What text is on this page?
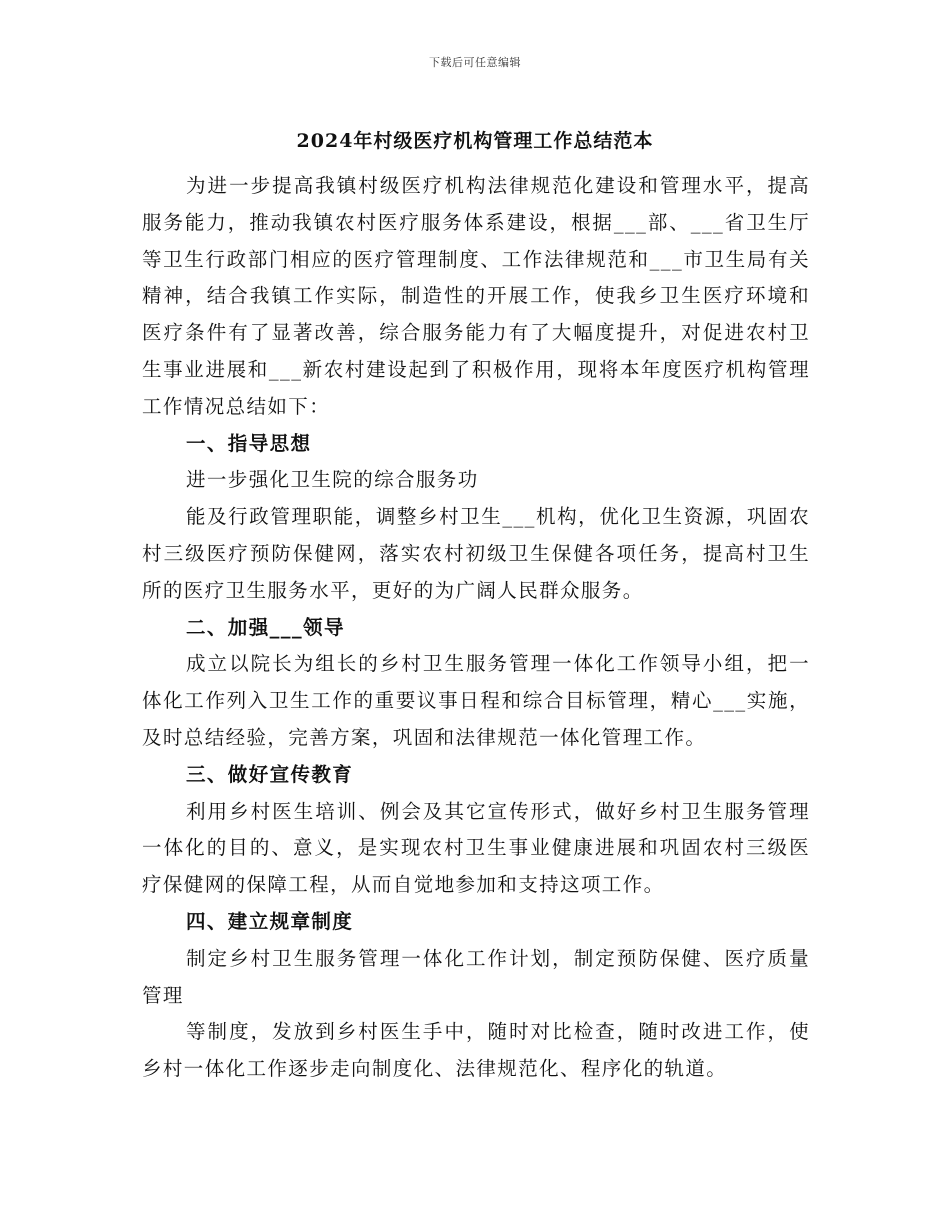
下载后可任意编辑
2024年村级医疗机构管理工作总结范本

为进一步提高我镇村级医疗机构法律规范化建设和管理水平，提高服务能力，推动我镇农村医疗服务体系建设，根据___部、___省卫生厅等卫生行政部门相应的医疗管理制度、工作法律规范和___市卫生局有关精神，结合我镇工作实际，制造性的开展工作，使我乡卫生医疗环境和医疗条件有了显著改善，综合服务能力有了大幅度提升，对促进农村卫生事业进展和___新农村建设起到了积极作用，现将本年度医疗机构管理工作情况总结如下：

一、指导思想

进一步强化卫生院的综合服务功

能及行政管理职能，调整乡村卫生___机构，优化卫生资源，巩固农村三级医疗预防保健网，落实农村初级卫生保健各项任务，提高村卫生所的医疗卫生服务水平，更好的为广阔人民群众服务。

二、加强___领导

成立以院长为组长的乡村卫生服务管理一体化工作领导小组，把一体化工作列入卫生工作的重要议事日程和综合目标管理，精心___实施，及时总结经验，完善方案，巩固和法律规范一体化管理工作。

三、做好宣传教育

利用乡村医生培训、例会及其它宣传形式，做好乡村卫生服务管理一体化的目的、意义，是实现农村卫生事业健康进展和巩固农村三级医疗保健网的保障工程，从而自觉地参加和支持这项工作。

四、建立规章制度

制定乡村卫生服务管理一体化工作计划，制定预防保健、医疗质量管理

等制度，发放到乡村医生手中，随时对比检查，随时改进工作，使乡村一体化工作逐步走向制度化、法律规范化、程序化的轨道。
